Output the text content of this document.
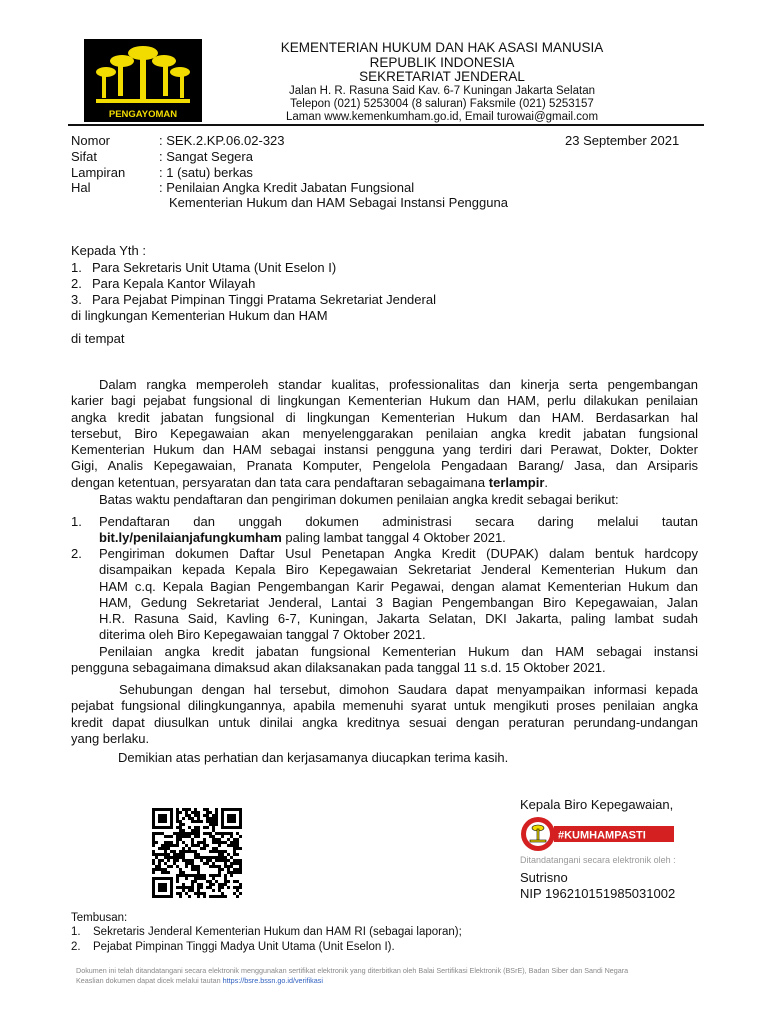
PENGAYOMAN
KEMENTERIAN HUKUM DAN HAK ASASI MANUSIA
REPUBLIK INDONESIA
SEKRETARIAT JENDERAL
Jalan H. R. Rasuna Said Kav. 6-7 Kuningan Jakarta Selatan
Telepon (021) 5253004 (8 saluran) Faksmile (021) 5253157
Laman www.kemenkumham.go.id, Email turowai@gmail.com
Nomor	: SEK.2.KP.06.02-323	23 September 2021
Sifat	: Sangat Segera
Lampiran	: 1 (satu) berkas
Hal	: Penilaian Angka Kredit Jabatan Fungsional
Kementerian Hukum dan HAM Sebagai Instansi Pengguna
Kepada Yth :
1. Para Sekretaris Unit Utama (Unit Eselon I)
2. Para Kepala Kantor Wilayah
3. Para Pejabat Pimpinan Tinggi Pratama Sekretariat Jenderal
di lingkungan Kementerian Hukum dan HAM
di tempat
Dalam rangka memperoleh standar kualitas, professionalitas dan kinerja serta pengembangan
karier bagi pejabat fungsional di lingkungan Kementerian Hukum dan HAM, perlu dilakukan penilaian
angka kredit jabatan fungsional di lingkungan Kementerian Hukum dan HAM. Berdasarkan hal
tersebut, Biro Kepegawaian akan menyelenggarakan penilaian angka kredit jabatan fungsional
Kementerian Hukum dan HAM sebagai instansi pengguna yang terdiri dari Perawat, Dokter, Dokter
Gigi, Analis Kepegawaian, Pranata Komputer, Pengelola Pengadaan Barang/ Jasa, dan Arsiparis
dengan ketentuan, persyaratan dan tata cara pendaftaran sebagaimana terlampir.
Batas waktu pendaftaran dan pengiriman dokumen penilaian angka kredit sebagai berikut:
1. Pendaftaran dan unggah dokumen administrasi secara daring melalui tautan
bit.ly/penilaianjafungkumham paling lambat tanggal 4 Oktober 2021.
2. Pengiriman dokumen Daftar Usul Penetapan Angka Kredit (DUPAK) dalam bentuk hardcopy
disampaikan kepada Kepala Biro Kepegawaian Sekretariat Jenderal Kementerian Hukum dan
HAM c.q. Kepala Bagian Pengembangan Karir Pegawai, dengan alamat Kementerian Hukum dan
HAM, Gedung Sekretariat Jenderal, Lantai 3 Bagian Pengembangan Biro Kepegawaian, Jalan
H.R. Rasuna Said, Kavling 6-7, Kuningan, Jakarta Selatan, DKI Jakarta, paling lambat sudah
diterima oleh Biro Kepegawaian tanggal 7 Oktober 2021.
Penilaian angka kredit jabatan fungsional Kementerian Hukum dan HAM sebagai instansi
pengguna sebagaimana dimaksud akan dilaksanakan pada tanggal 11 s.d. 15 Oktober 2021.
Sehubungan dengan hal tersebut, dimohon Saudara dapat menyampaikan informasi kepada
pejabat fungsional dilingkungannya, apabila memenuhi syarat untuk mengikuti proses penilaian angka
kredit dapat diusulkan untuk dinilai angka kreditnya sesuai dengan peraturan perundang-undangan
yang berlaku.
Demikian atas perhatian dan kerjasamanya diucapkan terima kasih.
Kepala Biro Kepegawaian,
#KUMHAMPASTI
Ditandatangani secara elektronik oleh :
Sutrisno
NIP 196210151985031002
Tembusan:
1. Sekretaris Jenderal Kementerian Hukum dan HAM RI (sebagai laporan);
2. Pejabat Pimpinan Tinggi Madya Unit Utama (Unit Eselon I).
Dokumen ini telah ditandatangani secara elektronik menggunakan sertifikat elektronik yang diterbitkan oleh Balai Sertifikasi Elektronik (BSrE), Badan Siber dan Sandi Negara
Keaslian dokumen dapat dicek melalui tautan https://bsre.bssn.go.id/verifikasi
